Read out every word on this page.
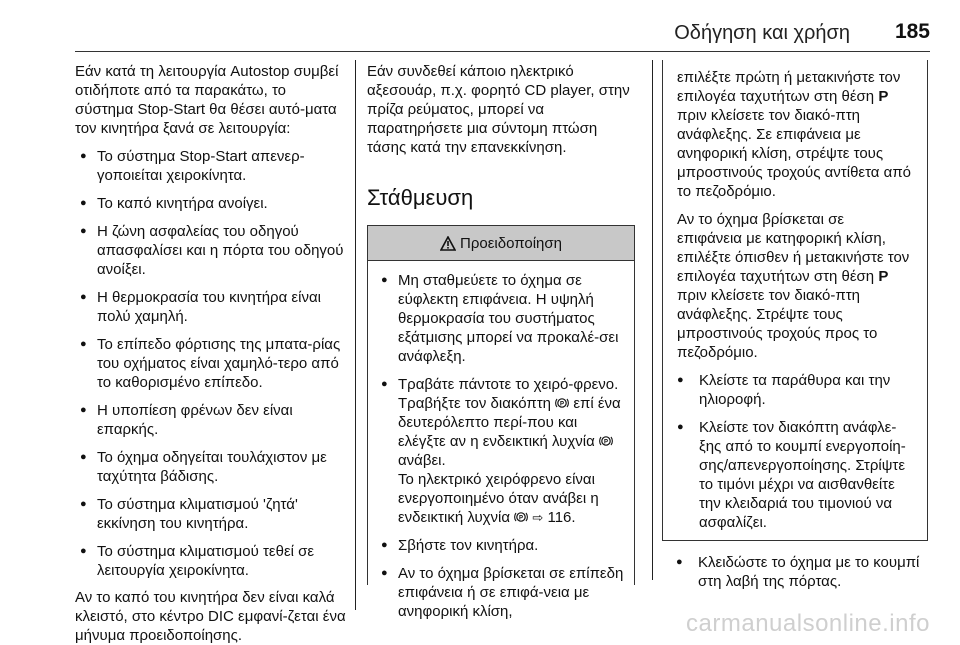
Οδήγηση και χρήση 185

Εάν κατά τη λειτουργία Autostop συμβεί οτιδήποτε από τα παρακάτω, το σύστημα Stop-Start θα θέσει αυτό-ματα τον κινητήρα ξανά σε λειτουργία:

● Το σύστημα Stop-Start απενερ-γοποιείται χειροκίνητα.
● Το καπό κινητήρα ανοίγει.
● Η ζώνη ασφαλείας του οδηγού απασφαλίσει και η πόρτα του οδηγού ανοίξει.
● Η θερμοκρασία του κινητήρα είναι πολύ χαμηλή.
● Το επίπεδο φόρτισης της μπατα-ρίας του οχήματος είναι χαμηλό-τερο από το καθορισμένο επίπεδο.
● Η υποπίεση φρένων δεν είναι επαρκής.
● Το όχημα οδηγείται τουλάχιστον με ταχύτητα βάδισης.
● Το σύστημα κλιματισμού 'ζητά' εκκίνηση του κινητήρα.
● Το σύστημα κλιματισμού τεθεί σε λειτουργία χειροκίνητα.

Αν το καπό του κινητήρα δεν είναι καλά κλειστό, στο κέντρο DIC εμφανί-ζεται ένα μήνυμα προειδοποίησης.

Εάν συνδεθεί κάποιο ηλεκτρικό αξεσουάρ, π.χ. φορητό CD player, στην πρίζα ρεύματος, μπορεί να παρατηρήσετε μια σύντομη πτώση τάσης κατά την επανεκκίνηση.

Στάθμευση
Προειδοποίηση
● Μη σταθμεύετε το όχημα σε εύφλεκτη επιφάνεια. Η υψηλή θερμοκρασία του συστήματος εξάτμισης μπορεί να προκαλέ-σει ανάφλεξη.
● Τραβάτε πάντοτε το χειρό-φρενο. Τραβήξτε τον διακόπτη P επί ένα δευτερόλεπτο περί-που και ελέγξτε αν η ενδεικτική λυχνία P
ανάβει.

Το ηλεκτρικό χειρόφρενο είναι ενεργοποιημένο όταν ανάβει η ενδεικτική λυχνία P ⇨ 116.

● Σβήστε τον κινητήρα.
● Αν το όχημα βρίσκεται σε επίπεδη επιφάνεια ή σε επιφά-νεια με ανηφορική κλίση,

επιλέξτε πρώτη ή μετακινήστε τον επιλογέα ταχυτήτων στη θέση P πριν κλείσετε τον διακό-πτη ανάφλεξης. Σε επιφάνεια με ανηφορική κλίση, στρέψτε τους μπροστινούς τροχούς αντίθετα από το πεζοδρόμιο.

Αν το όχημα βρίσκεται σε επιφάνεια με κατηφορική κλίση, επιλέξτε όπισθεν ή μετακινήστε τον επιλογέα ταχυτήτων στη θέση P πριν κλείσετε τον διακό-πτη ανάφλεξης. Στρέψτε τους μπροστινούς τροχούς προς το πεζοδρόμιο.

● Κλείστε τα παράθυρα και την ηλιοροφή.
● Κλείστε τον διακόπτη ανάφλε-ξης από το κουμπί ενεργοποίη-σης/απενεργοποίησης. Στρίψτε το τιμόνι μέχρι να αισθανθείτε την κλειδαριά του τιμονιού να ασφαλίζει.
● Κλειδώστε το όχημα με το κουμπί στη λαβή της πόρτας.
carmanualsonline.info
